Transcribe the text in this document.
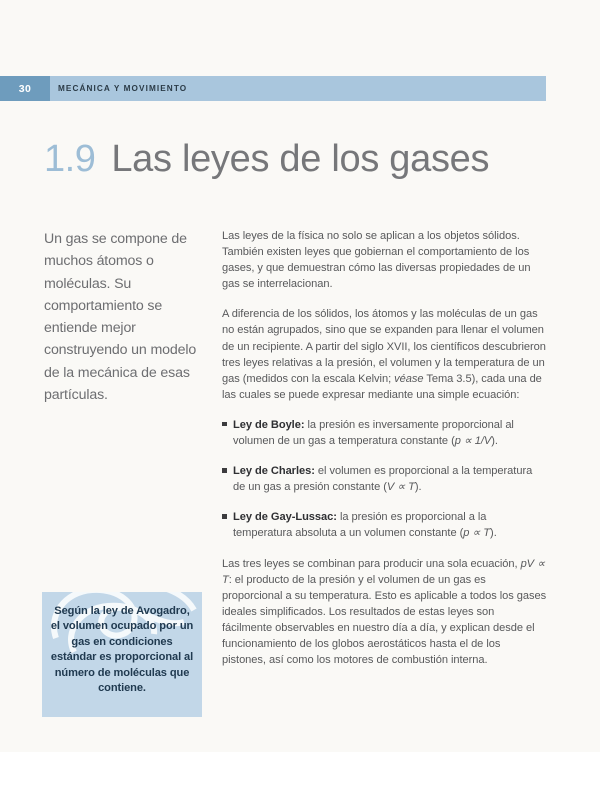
30	MECÁNICA Y MOVIMIENTO
1.9 Las leyes de los gases
Un gas se compone de muchos átomos o moléculas. Su comportamiento se entiende mejor construyendo un modelo de la mecánica de esas partículas.
Según la ley de Avogadro, el volumen ocupado por un gas en condiciones estándar es proporcional al número de moléculas que contiene.

Las leyes de la física no solo se aplican a los objetos sólidos. También existen leyes que gobiernan el comportamiento de los gases, y que demuestran cómo las diversas propiedades de un gas se interrelacionan.

A diferencia de los sólidos, los átomos y las moléculas de un gas no están agrupados, sino que se expanden para llenar el volumen de un recipiente. A partir del siglo XVII, los científicos descubrieron tres leyes relativas a la presión, el volumen y la temperatura de un gas (medidos con la escala Kelvin; véase Tema 3.5), cada una de las cuales se puede expresar mediante una simple ecuación:

Ley de Boyle: la presión es inversamente proporcional al volumen de un gas a temperatura constante (p ∝ 1/V).
Ley de Charles: el volumen es proporcional a la temperatura de un gas a presión constante (V ∝ T).
Ley de Gay-Lussac: la presión es proporcional a la temperatura absoluta a un volumen constante (p ∝ T).

Las tres leyes se combinan para producir una sola ecuación, pV ∝ T: el producto de la presión y el volumen de un gas es proporcional a su temperatura. Esto es aplicable a todos los gases ideales simplificados. Los resultados de estas leyes son fácilmente observables en nuestro día a día, y explican desde el funcionamiento de los globos aerostáticos hasta el de los pistones, así como los motores de combustión interna.
